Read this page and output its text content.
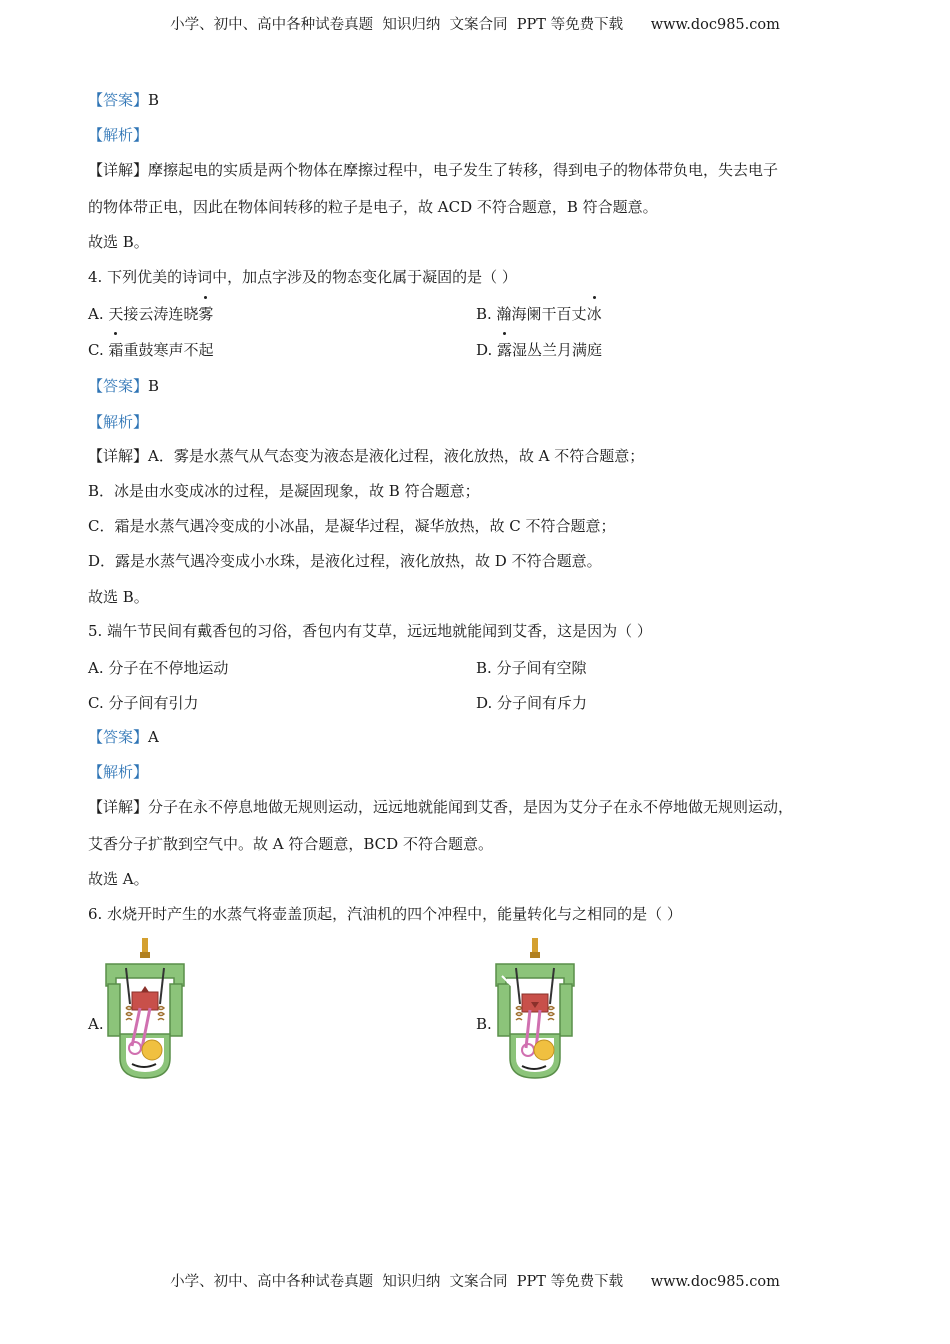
小学、初中、高中各种试卷真题  知识归纳  文案合同  PPT 等免费下载      www.doc985.com
【答案】B
【解析】
【详解】摩擦起电的实质是两个物体在摩擦过程中，电子发生了转移，得到电子的物体带负电，失去电子
的物体带正电，因此在物体间转移的粒子是电子，故 ACD 不符合题意，B 符合题意。
故选 B。
4. 下列优美的诗词中，加点字涉及的物态变化属于凝固的是（ ）
A. 天接云涛连晓雾	B. 瀚海阑干百丈冰
C. 霜重鼓寒声不起	D. 露湿丛兰月满庭
【答案】B
【解析】
【详解】A．雾是水蒸气从气态变为液态是液化过程，液化放热，故 A 不符合题意；
B．冰是由水变成冰的过程，是凝固现象，故 B 符合题意；
C．霜是水蒸气遇冷变成的小冰晶，是凝华过程，凝华放热，故 C 不符合题意；
D．露是水蒸气遇冷变成小水珠，是液化过程，液化放热，故 D 不符合题意。
故选 B。
5. 端午节民间有戴香包的习俗，香包内有艾草，远远地就能闻到艾香，这是因为（ ）
A. 分子在不停地运动	B. 分子间有空隙
C. 分子间有引力	D. 分子间有斥力
【答案】A
【解析】
【详解】分子在永不停息地做无规则运动，远远地就能闻到艾香，是因为艾分子在永不停地做无规则运动，
艾香分子扩散到空气中。故 A 符合题意，BCD 不符合题意。
故选 A。
6. 水烧开时产生的水蒸气将壶盖顶起，汽油机的四个冲程中，能量转化与之相同的是（ ）
A.	B.
小学、初中、高中各种试卷真题  知识归纳  文案合同  PPT 等免费下载      www.doc985.com
